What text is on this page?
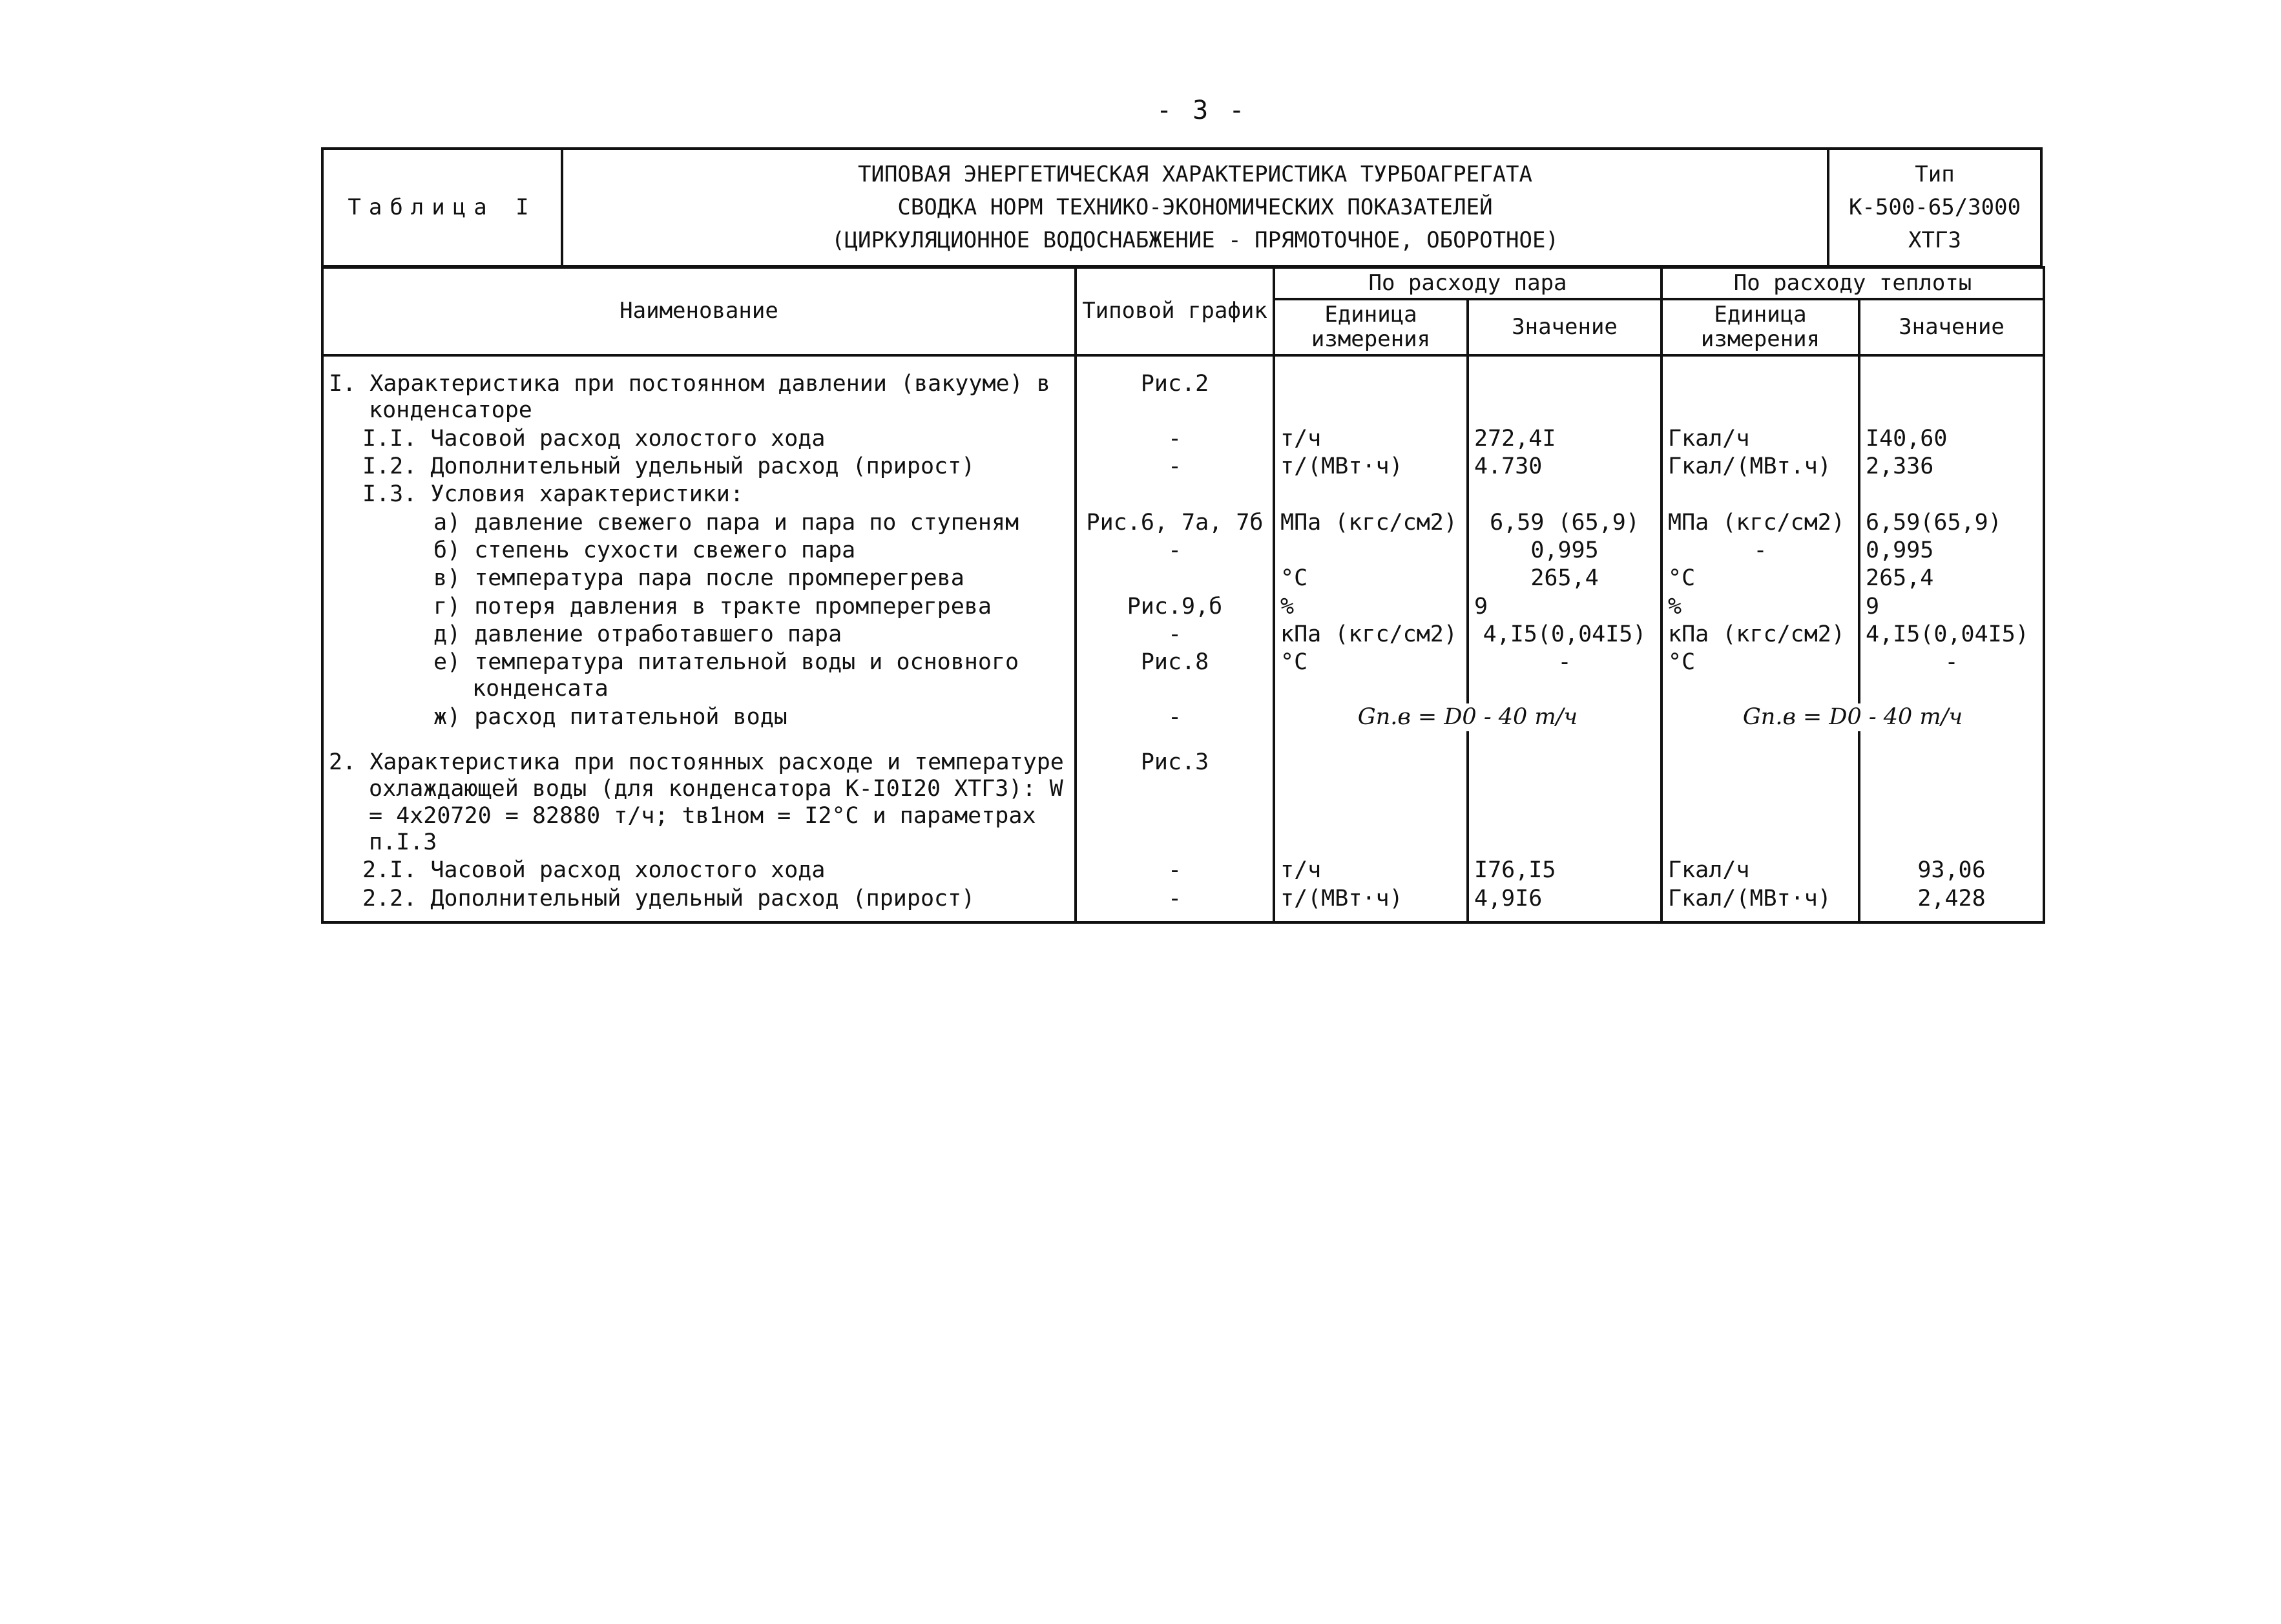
- 3 -
Таблица I	
ТИПОВАЯ ЭНЕРГЕТИЧЕСКАЯ ХАРАКТЕРИСТИКА ТУРБОАГРЕГАТА
СВОДКА НОРМ ТЕХНИКО-ЭКОНОМИЧЕСКИХ ПОКАЗАТЕЛЕЙ
(ЦИРКУЛЯЦИОННОЕ ВОДОСНАБЖЕНИЕ - ПРЯМОТОЧНОЕ, ОБОРОТНОЕ)

Тип
К-500-65/3000
ХТГЗ
Наименование	Типовой график	По расходу пара		По расходу теплоты	
		Единица измерения	Значение	Единица измерения	Значение
I. Характеристика при постоянном давлении (вакууме) в конденсаторе	Рис.2				
I.I. Часовой расход холостого хода	-	т/ч	272,4I	Гкал/ч	I40,60
I.2. Дополнительный удельный расход (прирост)	-	т/(МВт·ч)	4.730	Гкал/(МВт.ч)	2,336
I.3. Условия характеристики:					
а) давление свежего пара и пара по ступеням	Рис.6, 7а, 7б	МПа (кгс/см2)	6,59 (65,9)	МПа (кгс/см2)	6,59(65,9)
б) степень сухости свежего пара	-		0,995	-	0,995
в) температура пара после промперегрева		°С	265,4	°С	265,4
г) потеря давления в тракте промперегрева	Рис.9,б	%	9	%	9
д) давление отработавшего пара	-	кПа (кгс/см2)	4,I5(0,04I5)	кПа (кгс/см2)	4,I5(0,04I5)
е) температура питательной воды и основного конденсата	Рис.8	°С	-	°С	-
ж) расход питательной воды	-	Gп.в = D0 - 40 т/ч		Gп.в = D0 - 40 т/ч	
2. Характеристика при постоянных расходе и температуре охлаждающей воды (для конденсатора К-I0I20 ХТГЗ): W = 4х20720 = 82880 т/ч; tв1ном = I2°С и параметрах п.I.3	Рис.3				
2.I. Часовой расход холостого хода	-	т/ч	I76,I5	Гкал/ч	93,06
2.2. Дополнительный удельный расход (прирост)	-	т/(МВт·ч)	4,9I6	Гкал/(МВт·ч)	2,428
